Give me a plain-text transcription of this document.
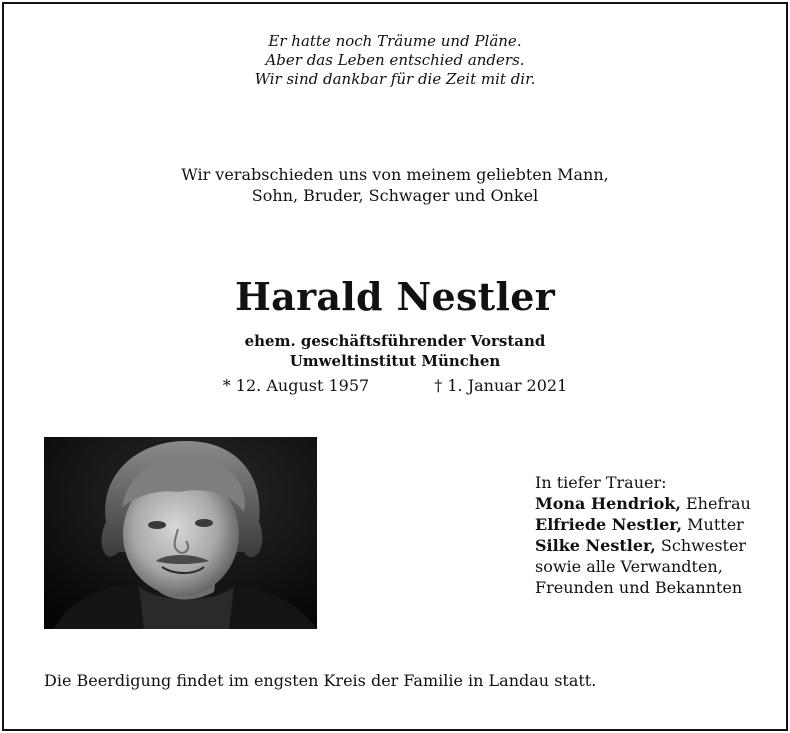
Er hatte noch Träume und Pläne.
Aber das Leben entschied anders.
Wir sind dankbar für die Zeit mit dir.
Wir verabschieden uns von meinem geliebten Mann,
Sohn, Bruder, Schwager und Onkel
Harald Nestler
ehem. geschäftsführender Vorstand
Umweltinstitut München
* 12. August 1957	† 1. Januar 2021
In tiefer Trauer:
Mona Hendriok, Ehefrau
Elfriede Nestler, Mutter
Silke Nestler, Schwester
sowie alle Verwandten,
Freunden und Bekannten
Die Beerdigung findet im engsten Kreis der Familie in Landau statt.
